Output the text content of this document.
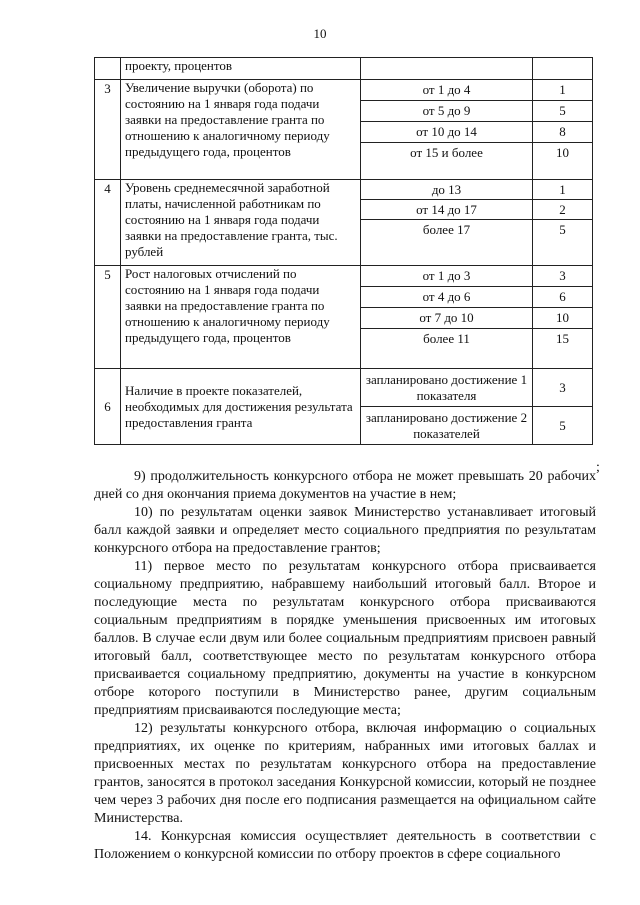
10
	проекту, процентов		
3	Увеличение выручки (оборота) по состоянию на 1 января года подачи заявки на предоставление гранта по отношению к аналогичному периоду предыдущего года, процентов	от 1 до 4	1
		от 5 до 9	5
		от 10 до 14	8
		от 15 и более	10
4	Уровень среднемесячной заработной платы, начисленной работникам по состоянию на 1 января года подачи заявки на предоставление гранта, тыс. рублей	до 13	1
		от 14 до 17	2
		более 17	5
5	Рост налоговых отчислений по состоянию на 1 января года подачи заявки на предоставление гранта по отношению к аналогичному периоду предыдущего года, процентов	от 1 до 3	3
		от 4 до 6	6
		от 7 до 10	10
		более 11	15
6	Наличие в проекте показателей, необходимых для достижения результата предоставления гранта	запланировано достижение 1 показателя	3
		запланировано достижение 2 показателей	5
;

9) продолжительность конкурсного отбора не может превышать 20 рабочих дней со дня окончания приема документов на участие в нем;

10) по результатам оценки заявок Министерство устанавливает итоговый балл каждой заявки и определяет место социального предприятия по результатам конкурсного отбора на предоставление грантов;

11) первое место по результатам конкурсного отбора присваивается социальному предприятию, набравшему наибольший итоговый балл. Второе и последующие места по результатам конкурсного отбора присваиваются социальным предприятиям в порядке уменьшения присвоенных им итоговых баллов. В случае если двум или более социальным предприятиям присвоен равный итоговый балл, соответствующее место по результатам конкурсного отбора присваивается социальному предприятию, документы на участие в конкурсном отборе которого поступили в Министерство ранее, другим социальным предприятиям присваиваются последующие места;

12) результаты конкурсного отбора, включая информацию о социальных предприятиях, их оценке по критериям, набранных ими итоговых баллах и присвоенных местах по результатам конкурсного отбора на предоставление грантов, заносятся в протокол заседания Конкурсной комиссии, который не позднее чем через 3 рабочих дня после его подписания размещается на официальном сайте Министерства.

14. Конкурсная комиссия осуществляет деятельность в соответствии с Положением о конкурсной комиссии по отбору проектов в сфере социального
